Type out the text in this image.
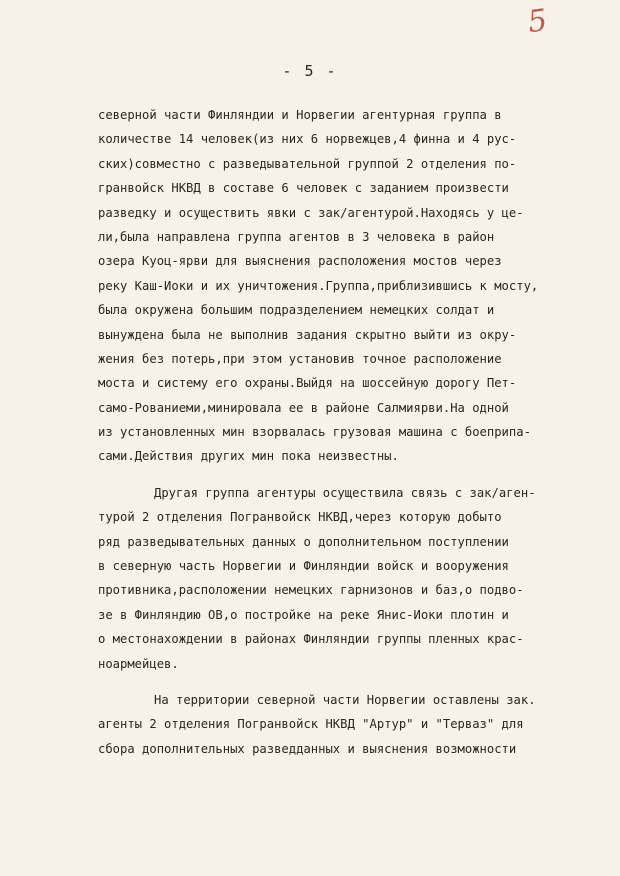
5
- 5 -
северной части Финляндии и Норвегии агентурная группа в
количестве 14 человек(из них 6 норвежцев,4 финна и 4 рус-
ских)совместно с разведывательной группой 2 отделения по-
гранвойск НКВД в составе 6 человек с заданием произвести
разведку и осуществить явки с зак/агентурой.Находясь у це-
ли,была направлена группа агентов в 3 человека в район
озера Куоц-ярви для выяснения расположения мостов через
реку Каш-Иоки и их уничтожения.Группа,приблизившись к мосту,
была окружена большим подразделением немецких солдат и
вынуждена была не выполнив задания скрытно выйти из окру-
жения без потерь,при этом установив точное расположение
моста и систему его охраны.Выйдя на шоссейную дорогу Пет-
само-Рованиеми,минировала ее в районе Салмиярви.На одной
из установленных мин взорвалась грузовая машина с боеприпа-
сами.Действия других мин пока неизвестны.
Другая группа агентуры осуществила связь с зак/аген-
турой 2 отделения Погранвойск НКВД,через которую добыто
ряд разведывательных данных о дополнительном поступлении
в северную часть Норвегии и Финляндии войск и вооружения
противника,расположении немецких гарнизонов и баз,о подво-
зе в Финляндию ОВ,о постройке на реке Янис-Иоки плотин и
о местонахождении в районах Финляндии группы пленных крас-
ноармейцев.
На территории северной части Норвегии оставлены зак.
агенты 2 отделения Погранвойск НКВД "Артур" и "Терваз" для
сбора дополнительных разведданных и выяснения возможности
